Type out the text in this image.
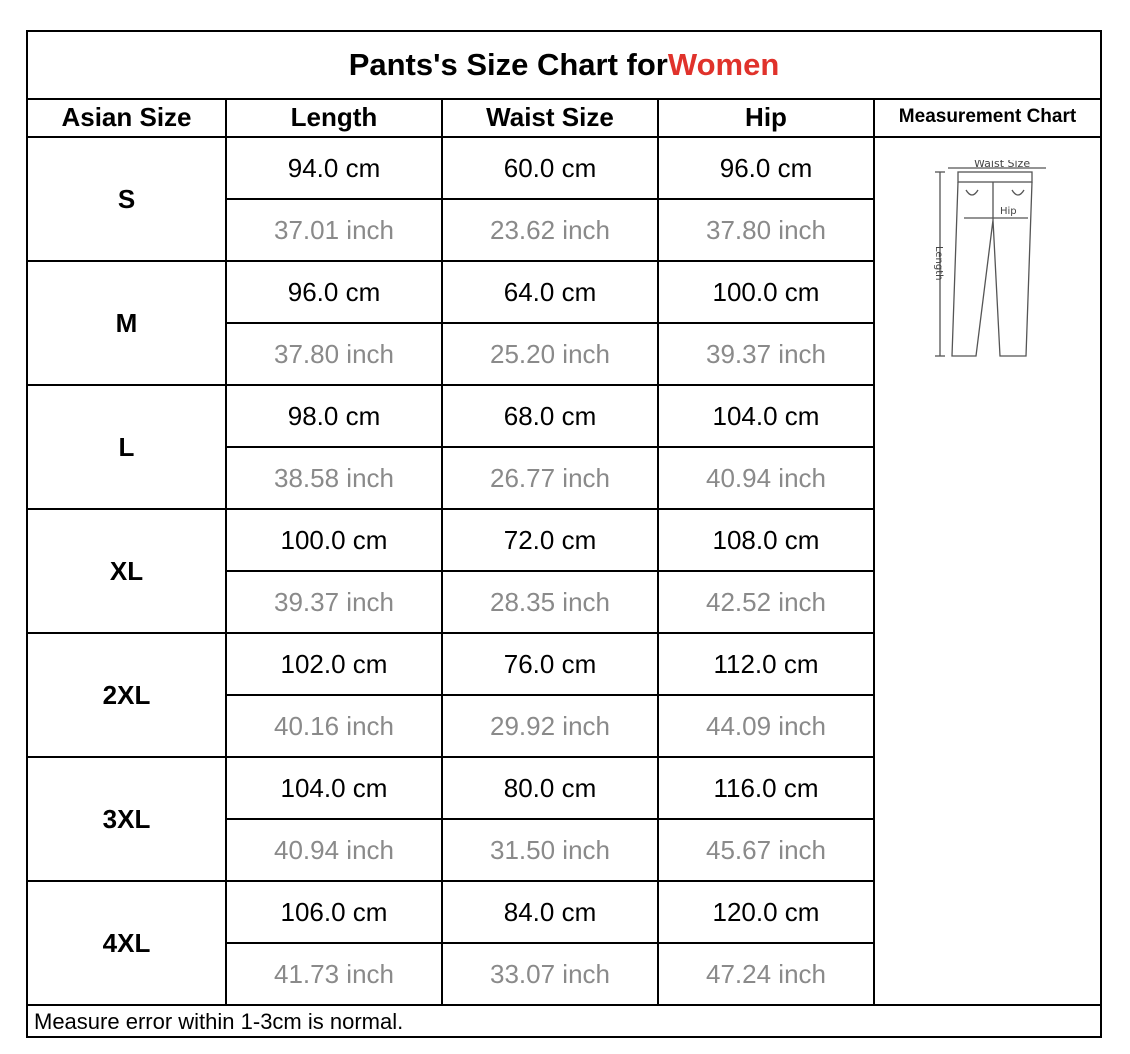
Pants's Size Chart for Women
Asian Size	Length	Waist Size	Hip	Measurement Chart
S	94.0 cm	60.0 cm	96.0 cm	Waist Size
Hip
Length

	37.01 inch	23.62 inch	37.80 inch	
M	96.0 cm	64.0 cm	100.0 cm	
	37.80 inch	25.20 inch	39.37 inch	
L	98.0 cm	68.0 cm	104.0 cm	
	38.58 inch	26.77 inch	40.94 inch	
XL	100.0 cm	72.0 cm	108.0 cm	
	39.37 inch	28.35 inch	42.52 inch	
2XL	102.0 cm	76.0 cm	112.0 cm	
	40.16 inch	29.92 inch	44.09 inch	
3XL	104.0 cm	80.0 cm	116.0 cm	
	40.94 inch	31.50 inch	45.67 inch	
4XL	106.0 cm	84.0 cm	120.0 cm	
	41.73 inch	33.07 inch	47.24 inch	
Measure error within 1-3cm is normal.
